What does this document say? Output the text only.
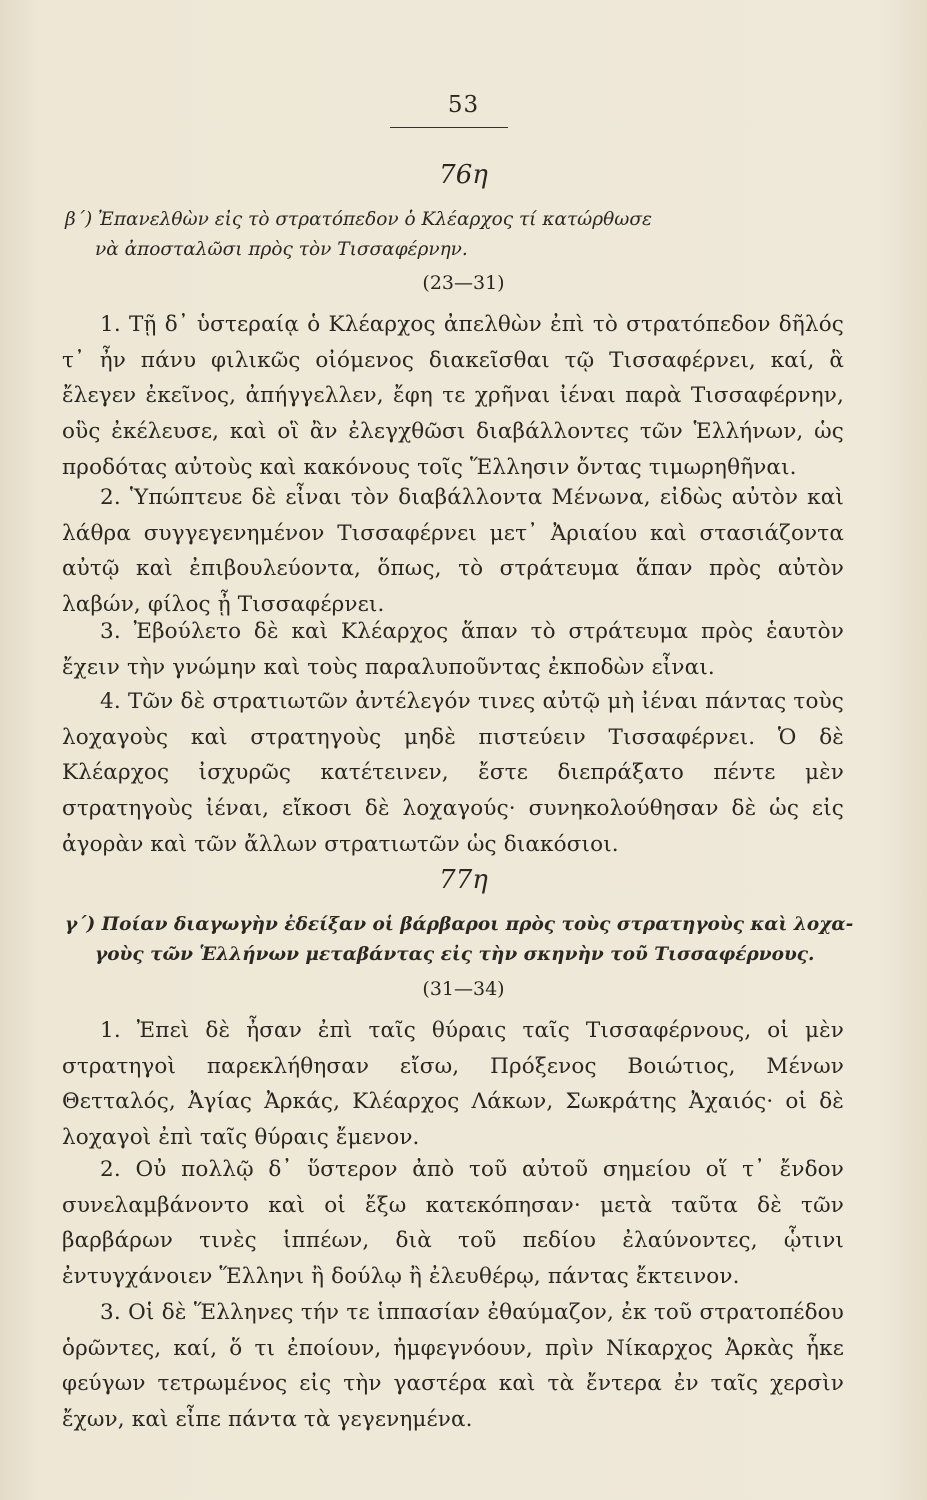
53
76η
β΄) Ἐπανελθὼν εἰς τὸ στρατόπεδον ὁ Κλέαρχος τί κατώρθωσε
νὰ ἀποσταλῶσι πρὸς τὸν Τισσαφέρνην.
(23—31)
1. Τῇ δ᾿ ὑστεραίᾳ ὁ Κλέαρχος ἀπελθὼν ἐπὶ τὸ στρατόπεδον δῆλός τ᾿ ἦν πάνυ φιλικῶς οἰόμενος διακεῖσθαι τῷ Τισσαφέρνει, καί, ἃ ἔλεγεν ἐκεῖνος, ἀπήγγελλεν, ἔφη τε χρῆναι ἰέναι παρὰ Τισσαφέρνην, οὓς ἐκέλευσε, καὶ οἳ ἂν ἐλεγχθῶσι διαβάλλοντες τῶν Ἑλλήνων, ὡς προδότας αὐτοὺς καὶ κακόνους τοῖς Ἕλλησιν ὄντας τιμωρηθῆναι.
2. Ὑπώπτευε δὲ εἶναι τὸν διαβάλλοντα Μένωνα, εἰδὼς αὐτὸν καὶ λάθρα συγγεγενημένον Τισσαφέρνει μετ᾿ Ἀριαίου καὶ στασιάζοντα αὐτῷ καὶ ἐπιβουλεύοντα, ὅπως, τὸ στράτευμα ἅπαν πρὸς αὐτὸν λαβών, φίλος ᾖ Τισσαφέρνει.
3. Ἐβούλετο δὲ καὶ Κλέαρχος ἅπαν τὸ στράτευμα πρὸς ἑαυτὸν ἔχειν τὴν γνώμην καὶ τοὺς παραλυποῦντας ἐκποδὼν εἶναι.
4. Τῶν δὲ στρατιωτῶν ἀντέλεγόν τινες αὐτῷ μὴ ἰέναι πάντας τοὺς λοχαγοὺς καὶ στρατηγοὺς μηδὲ πιστεύειν Τισσαφέρνει. Ὁ δὲ Κλέαρχος ἰσχυρῶς κατέτεινεν, ἔστε διεπράξατο πέντε μὲν στρατηγοὺς ἰέναι, εἴκοσι δὲ λοχαγούς· συνηκολούθησαν δὲ ὡς εἰς ἀγορὰν καὶ τῶν ἄλλων στρατιωτῶν ὡς διακόσιοι.
77η
γ΄) Ποίαν διαγωγὴν ἐδείξαν οἱ βάρβαροι πρὸς τοὺς στρατηγοὺς καὶ λοχα-
γοὺς τῶν Ἑλλήνων μεταβάντας εἰς τὴν σκηνὴν τοῦ Τισσαφέρνους.
(31—34)
1. Ἐπεὶ δὲ ἦσαν ἐπὶ ταῖς θύραις ταῖς Τισσαφέρνους, οἱ μὲν στρατηγοὶ παρεκλήθησαν εἴσω, Πρόξενος Βοιώτιος, Μένων Θετταλός, Ἀγίας Ἀρκάς, Κλέαρχος Λάκων, Σωκράτης Ἀχαιός· οἱ δὲ λοχαγοὶ ἐπὶ ταῖς θύραις ἔμενον.
2. Οὐ πολλῷ δ᾿ ὕστερον ἀπὸ τοῦ αὐτοῦ σημείου οἵ τ᾿ ἔνδον συνελαμβάνοντο καὶ οἱ ἔξω κατεκόπησαν· μετὰ ταῦτα δὲ τῶν βαρβάρων τινὲς ἱππέων, διὰ τοῦ πεδίου ἐλαύνοντες, ᾧτινι ἐντυγχάνοιεν Ἕλληνι ἢ δούλῳ ἢ ἐλευθέρῳ, πάντας ἔκτεινον.
3. Οἱ δὲ Ἕλληνες τήν τε ἱππασίαν ἐθαύμαζον, ἐκ τοῦ στρατοπέδου ὁρῶντες, καί, ὅ τι ἐποίουν, ἠμφεγνόουν, πρὶν Νίκαρχος Ἀρκὰς ἧκε φεύγων τετρωμένος εἰς τὴν γαστέρα καὶ τὰ ἔντερα ἐν ταῖς χερσὶν ἔχων, καὶ εἶπε πάντα τὰ γεγενημένα.
